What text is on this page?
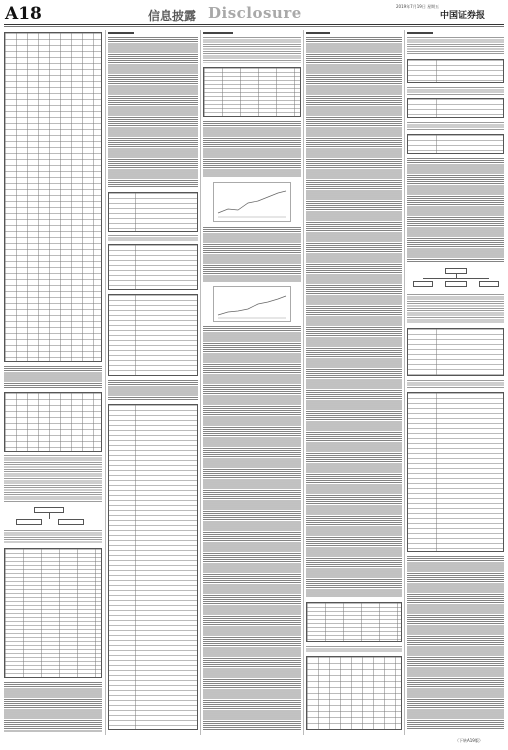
A18	信息披露 Disclosure	2019年7月19日 星期五
中国证券报
（下转A19版）
